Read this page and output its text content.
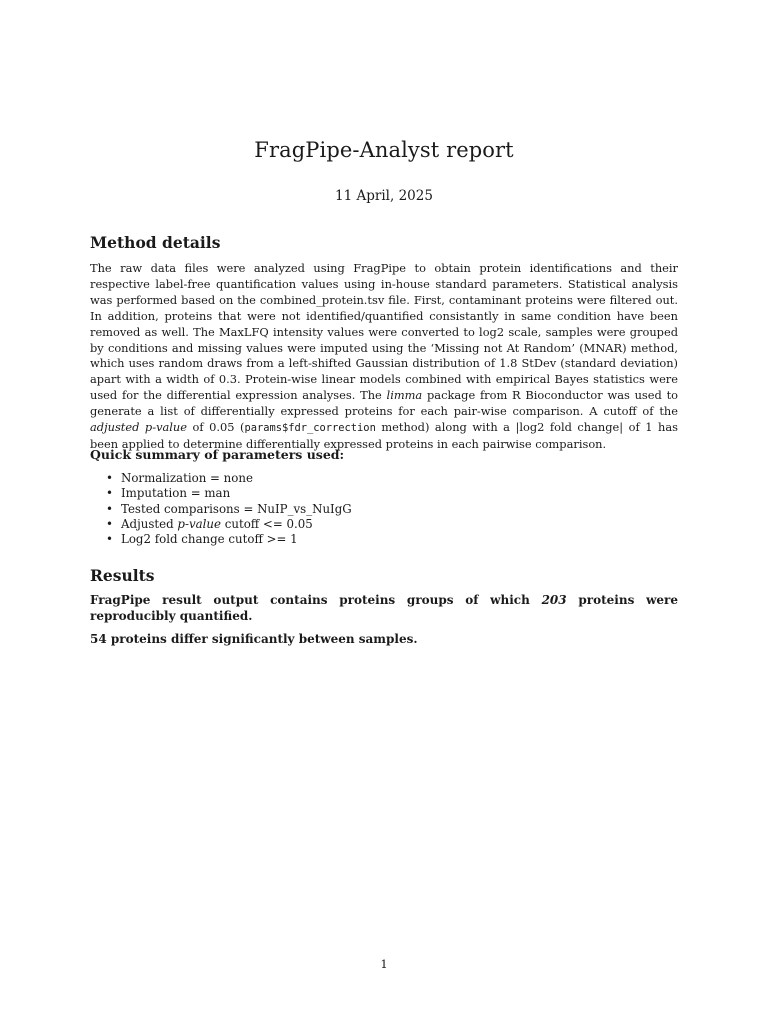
FragPipe-Analyst report
11 April, 2025
Method details
The raw data files were analyzed using FragPipe to obtain protein identifications and their respective label-free quantification values using in-house standard parameters. Statistical analysis was performed based on the combined_protein.tsv file. First, contaminant proteins were filtered out. In addition, proteins that were not identified/quantified consistantly in same condition have been removed as well. The MaxLFQ intensity values were converted to log2 scale, samples were grouped by conditions and missing values were imputed using the ‘Missing not At Random’ (MNAR) method, which uses random draws from a left-shifted Gaussian distribution of 1.8 StDev (standard deviation) apart with a width of 0.3. Protein-wise linear models combined with empirical Bayes statistics were used for the differential expression analyses. The limma package from R Bioconductor was used to generate a list of differentially expressed proteins for each pair-wise comparison. A cutoff of the adjusted p-value of 0.05 (params$fdr_correction method) along with a |log2 fold change| of 1 has been applied to determine differentially expressed proteins in each pairwise comparison.
Quick summary of parameters used:
• Normalization = none
• Imputation = man
• Tested comparisons = NuIP_vs_NuIgG
• Adjusted p-value cutoff <= 0.05
• Log2 fold change cutoff >= 1
Results
FragPipe result output contains proteins groups of which 203 proteins were reproducibly quantified.
54 proteins differ significantly between samples.
1
